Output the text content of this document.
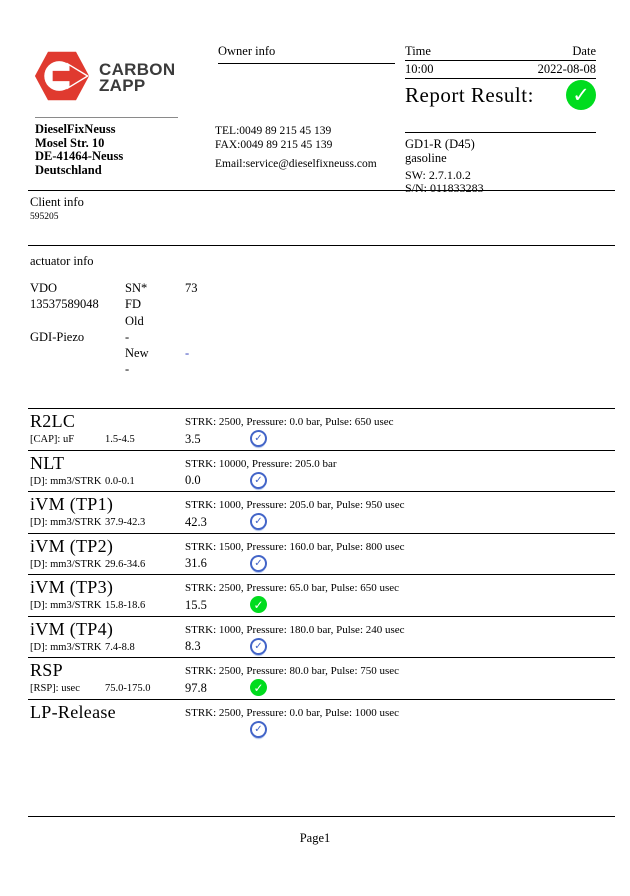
CARBON
ZAPP
Owner info	Time	Date
10:00	2022-08-08
Report Result:
✓
DieselFixNeuss
Mosel Str. 10
DE-41464-Neuss
Deutschland
TEL:0049 89 215 45 139
FAX:0049 89 215 45 139
Email:service@dieselfixneuss.com
GD1-R (D45)
gasoline
SW: 2.7.1.0.2
S/N: 011833283
Client info
595205
actuator info
VDO	SN*	73
13537589048	FD
Old
GDI-Piezo	-
New	-
-
R2LC	STRK: 2500, Pressure: 0.0 bar, Pulse: 650 usec
[CAP]: uF	1.5-4.5	3.5
✓
NLT	STRK: 10000, Pressure: 205.0 bar
[D]: mm3/STRK 0.0-0.1	0.0
✓
iVM (TP1)	STRK: 1000, Pressure: 205.0 bar, Pulse: 950 usec
[D]: mm3/STRK 37.9-42.3	42.3
✓
iVM (TP2)	STRK: 1500, Pressure: 160.0 bar, Pulse: 800 usec
[D]: mm3/STRK 29.6-34.6	31.6
✓
iVM (TP3)	STRK: 2500, Pressure: 65.0 bar, Pulse: 650 usec
[D]: mm3/STRK 15.8-18.6	15.5
✓
iVM (TP4)	STRK: 1000, Pressure: 180.0 bar, Pulse: 240 usec
[D]: mm3/STRK 7.4-8.8	8.3
✓
RSP	STRK: 2500, Pressure: 80.0 bar, Pulse: 750 usec
[RSP]: usec 75.0-175.0	97.8
✓
LP-Release	STRK: 2500, Pressure: 0.0 bar, Pulse: 1000 usec
✓
Page1
